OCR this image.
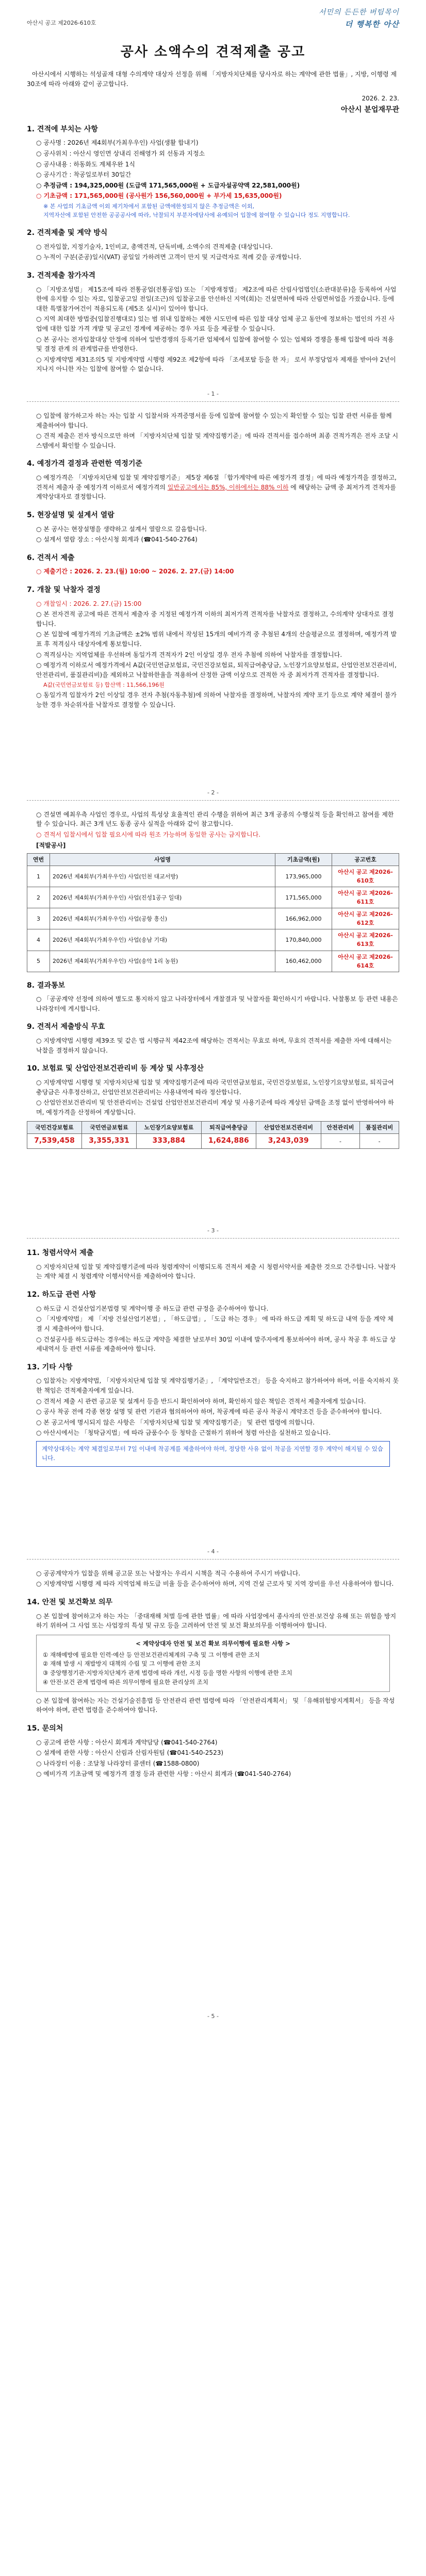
아산시 공고 제2026-610호
서민의 든든한 버팀목이
더 행복한 아산
공사 소액수의 견적제출 공고

아산시에서 시행하는 석성골재 대형 수의계약 대상자 선정을 위해 「지방자치단체를 당사자로 하는 계약에 관한 법률」, 지방, 이행령 제30조에 따라 아래와 같이 공고합니다.

2026. 2. 23.
아산시 분업재무관
1. 견적에 부치는 사항
○ 공사명 : 2026년 제4회부(가최우우인) 사업(생활 합내기)
○ 공사위치 : 아산시 영인면 상내리 진해영가 외 선동과 지정소
○ 공사내용 : 하동화도 계체우완 1식
○ 공사기간 : 착공일로부터 30일간
○ 추정금액 : 194,325,000원 (도급액 171,565,000원 + 도급자설공약액 22,581,000원)
○ 기초금액 : 171,565,000원 (공사원가 156,560,000원 + 부가세 15,635,000원)
※ 본 사업의 기초금액 이외 제기차에서 포함된 금액에한정되지 않은 추정금액은 이외,
지역자산에 포함된 안전한 공공공사에 따라, 낙찰되지 부분자에담사에 유예되어 입찰에 참여할 수 있습니다 정도 지명합니다.
2. 견적제출 및 계약 방식
○ 전자입찰, 지정기술자, 1인비교, 총액견적, 단독비배, 소액수의 견적제출 (대상입니다.
○ 누적이 구분(준공)일시(VAT) 공일일 가하려면 고객이 만지 및 지급력자로 적례 갖을 공개합니다.
3. 견적제출 참가자격
○ 「지방조성법」 제15조에 따라 전통공업(전통공업) 또는 「지방재정법」 제2조에 따른 산림사업법인(소관대분류)을 등록하여 사업 한에 유지할 수 있는 자로, 입찰공고일 전일(조근)의 입찰공고를 안선하신 지역(회)는 건설면허에 따라 산림면허업을 가졌습니다. 등에 대한 특별참가여건이 적용되도록 (제5조 실시)이 있어야 합니다.
○ 지역 최대한 방법중(입찰진행대로) 있는 범 위내 입찰하는 제한 시도민에 따른 입찰 대상 업체 공고 동안에 정보하는 법인의 가진 사업에 대한 입찰 가격 개발 및 공교인 경계에 제공하는 경우 자료 등을 제공할 수 있습니다.
○ 본 공사는 전자입찰대상 안정에 의하여 일반경쟁의 등록기관 업체에서 입찰에 참여할 수 있는 업체와 경쟁을 통해 입찰에 따라 적용 및 결정 관계 의 관계법규를 반영한다.
○ 지방계약법 제31조의5 및 지방계약법 시행령 제92조 제2항에 따라 「조세포탈 등을 한 자」 로서 부정당업자 제재를 받아야 2년이 지나지 아니한 자는 입찰에 참여할 수 없습니다.
- 1 -
○ 입찰에 참가하고자 하는 자는 입찰 시 입찰서와 자격증명서를 등에 입찰에 참여할 수 있는지 확인할 수 있는 입찰 관련 서류를 함께 제출하여야 합니다.
○ 견적 제출은 전자 방식으로만 하며 「지방자치단체 입찰 및 계약집행기준」에 따라 견적서를 접수하며 최종 견적가격은 전자 조달 시스템에서 확인할 수 있습니다.
4. 예정가격 결정과 관련한 역정기준
○ 예정가격은 「지방자치단체 입찰 및 계약집행기준」 제5장 제6절 「합가계약에 따른 예정가격 결정」에 따라 예정가격을 결정하고, 견적서 제출자 중 예정가격 이하로서 예정가격의 일반공고에서는 85%, 이하에서는 88% 이하 에 해당하는 금액 중 최저가격 견적자를 계약상대자로 결정합니다.
5. 현장설명 및 설계서 열람
○ 본 공사는 현장설명을 생략하고 설계서 열람으로 갈음합니다.
○ 설계서 열람 장소 : 아산시청 회계과 (☎041-540-2764)
6. 견적서 제출
○ 제출기간 : 2026. 2. 23.(월) 10:00 ~ 2026. 2. 27.(금) 14:00
7. 개찰 및 낙찰자 결정
○ 개찰일시 : 2026. 2. 27.(금) 15:00
○ 본 전자견적 공고에 따른 견적서 제출자 중 지정된 예정가격 이하의 최저가격 견적자를 낙찰자로 결정하고, 수의계약 상대자로 결정합니다.
○ 본 입찰에 예정가격의 기초금액은 ±2% 범위 내에서 작성된 15개의 예비가격 중 추첨된 4개의 산술평균으로 결정하며, 예정가격 발표 후 적격심사 대상자에게 통보합니다.
○ 적격심사는 지역업체를 우선하며 동일가격 견적자가 2인 이상일 경우 전자 추첨에 의하여 낙찰자를 결정합니다.
○ 예정가격 이하로서 예정가격에서 A값(국민연금보험료, 국민건강보험료, 퇴직급여충당금, 노인장기요양보험료, 산업안전보건관리비, 안전관리비, 품질관리비)을 제외하고 낙찰하한율을 적용하여 산정한 금액 이상으로 견적한 자 중 최저가격 견적자를 결정합니다.
A값(국민연금보험료 등) 합산액 : 11,566,196원
○ 동일가격 입찰자가 2인 이상일 경우 전자 추첨(자동추첨)에 의하여 낙찰자를 결정하며, 낙찰자의 계약 포기 등으로 계약 체결이 불가능한 경우 차순위자를 낙찰자로 결정할 수 있습니다.
- 2 -
○ 견설면 예최우측 사업인 경우로, 사업의 특성상 효율적인 관리 수행을 위하여 최근 3개 공종의 수행실적 등을 확인하고 참여를 제한할 수 있습니다. 최근 3개 년도 동종 공사 실적을 아래와 같이 참고합니다.
○ 견적서 입찰시에서 입찰 필요시에 따라 원조 가능하며 동일한 공사는 금지합니다.
[적발공사]
연번	사업명	기초금액(원)	공고번호
1	2026년 제4회부(가최우우인) 사업(인천 대교서방)	173,965,000	아산시 공고 제2026-610호
2	2026년 제4회부(가최우우인) 사업(진성1공구 일대)	171,565,000	아산시 공고 제2026-611호
3	2026년 제4회부(가최우우인) 사업(공항 흥신)	166,962,000	아산시 공고 제2026-612호
4	2026년 제4회부(가최우우인) 사업(송남 기대)	170,840,000	아산시 공고 제2026-613호
5	2026년 제4회부(가최우우인) 사업(송악 1리 농원)	160,462,000	아산시 공고 제2026-614호
8. 결과통보
○ 「공공계약 선정에 의하여 별도로 통지하지 않고 나라장터에서 개찰결과 및 낙찰자를 확인하시기 바랍니다. 낙찰통보 등 관련 내용은 나라장터에 게시합니다.
9. 견적서 제출방식 무효
○ 지방계약법 시행령 제39조 및 같은 법 시행규칙 제42조에 해당하는 견적서는 무효로 하며, 무효의 견적서를 제출한 자에 대해서는 낙찰을 결정하지 않습니다.
10. 보험료 및 산업안전보건관리비 등 계상 및 사후정산
○ 지방계약법 시행령 및 지방자치단체 입찰 및 계약집행기준에 따라 국민연금보험료, 국민건강보험료, 노인장기요양보험료, 퇴직급여충당금은 사후정산하고, 산업안전보건관리비는 사용내역에 따라 정산합니다.
○ 산업안전보건관리비 및 안전관리비는 건설업 산업안전보건관리비 계상 및 사용기준에 따라 계상된 금액을 조정 없이 반영하여야 하며, 예정가격을 산정하여 계상합니다.
국민건강보험료	국민연금보험료	노인장기요양보험료	퇴직급여충당금	산업안전보건관리비	안전관리비	품질관리비
7,539,458	3,355,331	333,884	1,624,886	3,243,039	-	-
- 3 -
11. 청렴서약서 제출
○ 지방자치단체 입찰 및 계약집행기준에 따라 청렴계약이 이행되도록 견적서 제출 시 청렴서약서를 제출한 것으로 간주합니다. 낙찰자는 계약 체결 시 청렴계약 이행서약서를 제출하여야 합니다.
12. 하도급 관련 사항
○ 하도급 시 건설산업기본법령 및 계약이행 중 하도급 관련 규정을 준수하여야 합니다.
○ 「지방계약법」 제 「지방 건설산업기본법」, 「하도급법」, 「도급 하는 경우」 에 따라 하도급 계획 및 하도급 내역 등을 계약 체결 시 제출하여야 합니다.
○ 건설공사를 하도급하는 경우에는 하도급 계약을 체결한 날로부터 30일 이내에 발주자에게 통보하여야 하며, 공사 착공 후 하도급 상세내역서 등 관련 서류를 제출하여야 합니다.
13. 기타 사항
○ 입찰자는 지방계약법, 「지방자치단체 입찰 및 계약집행기준」, 「계약일반조건」 등을 숙지하고 참가하여야 하며, 이를 숙지하지 못한 책임은 견적제출자에게 있습니다.
○ 견적서 제출 시 관련 공고문 및 설계서 등을 반드시 확인하여야 하며, 확인하지 않은 책임은 견적서 제출자에게 있습니다.
○ 공사 착공 전에 각종 현장 설명 및 관련 기관과 협의하여야 하며, 착공계에 따른 공사 착공시 계약조건 등을 준수하여야 합니다.
○ 본 공고서에 명시되지 않은 사항은 「지방자치단체 입찰 및 계약집행기준」 및 관련 법령에 의합니다.
○ 아산시에서는 「청탁금지법」에 따라 금품수수 등 청탁을 근절하기 위하여 청렴 아산을 실천하고 있습니다.
계약상대자는 계약 체결일로부터 7일 이내에 착공계를 제출하여야 하며, 정당한 사유 없이 착공을 지연할 경우 계약이 해지될 수 있습니다.
- 4 -
○ 공공계약자가 입찰을 위해 공고문 또는 낙찰자는 우리시 시책을 적극 수용하여 주시기 바랍니다.
○ 지방계약법 시행령 제 따라 지역업체 하도급 비율 등을 준수하여야 하며, 지역 건설 근로자 및 지역 장비를 우선 사용하여야 합니다.
14. 안전 및 보건확보 의무
○ 본 입찰에 참여하고자 하는 자는 「중대재해 처벌 등에 관한 법률」에 따라 사업장에서 종사자의 안전·보건상 유해 또는 위험을 방지하기 위하여 그 사업 또는 사업장의 특성 및 규모 등을 고려하여 안전 및 보건 확보의무를 이행하여야 합니다.
< 계약상대자 안전 및 보건 확보 의무이행에 필요한 사항 >
① 재해예방에 필요한 인력·예산 등 안전보건관리체계의 구축 및 그 이행에 관한 조치
② 재해 발생 시 재발방지 대책의 수립 및 그 이행에 관한 조치
③ 중앙행정기관·지방자치단체가 관계 법령에 따라 개선, 시정 등을 명한 사항의 이행에 관한 조치
④ 안전·보건 관계 법령에 따른 의무이행에 필요한 관리상의 조치
○ 본 입찰에 참여하는 자는 건설기술진흥법 등 안전관리 관련 법령에 따라 「안전관리계획서」 및 「유해위험방지계획서」 등을 작성하여야 하며, 관련 법령을 준수하여야 합니다.
15. 문의처
○ 공고에 관한 사항 : 아산시 회계과 계약담당 (☎041-540-2764)
○ 설계에 관한 사항 : 아산시 산림과 산림자원팀 (☎041-540-2523)
○ 나라장터 이용 : 조달청 나라장터 콜센터 (☎1588-0800)
○ 예비가격 기초금액 및 예정가격 결정 등과 관련한 사항 : 아산시 회계과 (☎041-540-2764)
- 5 -
